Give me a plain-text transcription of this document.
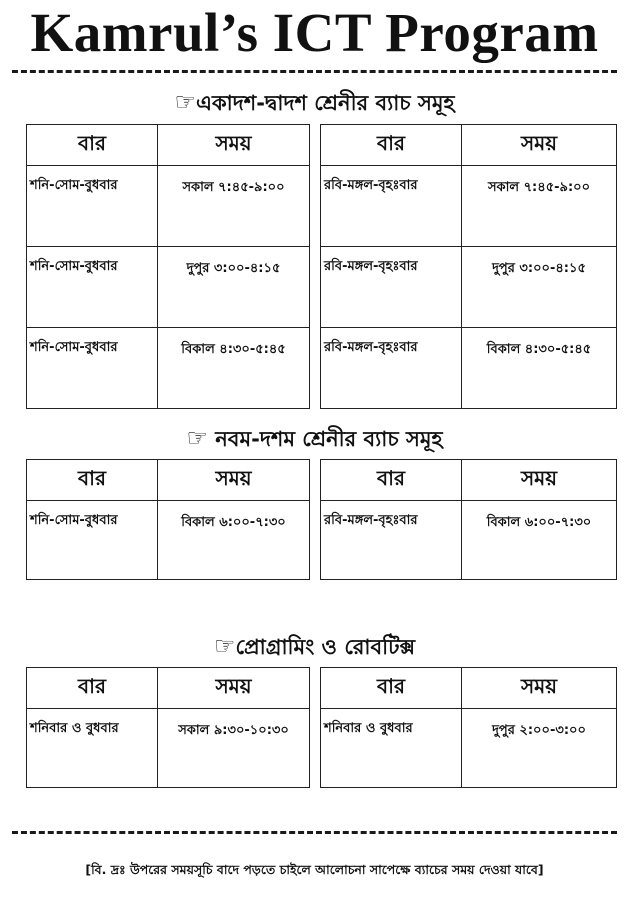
Kamrul’s ICT Program
☞একাদশ-দ্বাদশ শ্রেনীর ব্যাচ সমূহ
বার	সময়
শনি-সোম-বুধবার	সকাল ৭:৪৫-৯:০০
শনি-সোম-বুধবার	দুপুর ৩:০০-৪:১৫
শনি-সোম-বুধবার	বিকাল ৪:৩০-৫:৪৫
বার	সময়
রবি-মঙ্গল-বৃহঃবার	সকাল ৭:৪৫-৯:০০
রবি-মঙ্গল-বৃহঃবার	দুপুর ৩:০০-৪:১৫
রবি-মঙ্গল-বৃহঃবার	বিকাল ৪:৩০-৫:৪৫
☞ নবম-দশম শ্রেনীর ব্যাচ সমূহ
বার	সময়
শনি-সোম-বুধবার	বিকাল ৬:০০-৭:৩০
বার	সময়
রবি-মঙ্গল-বৃহঃবার	বিকাল ৬:০০-৭:৩০
☞প্রোগ্রামিং ও রোবটিক্স
বার	সময়
শনিবার ও বুধবার	সকাল ৯:৩০-১০:৩০
বার	সময়
শনিবার ও বুধবার	দুপুর ২:০০-৩:০০

[বি. দ্রঃ উপরের সময়সূচি বাদে পড়তে চাইলে আলোচনা সাপেক্ষে ব্যাচের সময় দেওয়া যাবে]
